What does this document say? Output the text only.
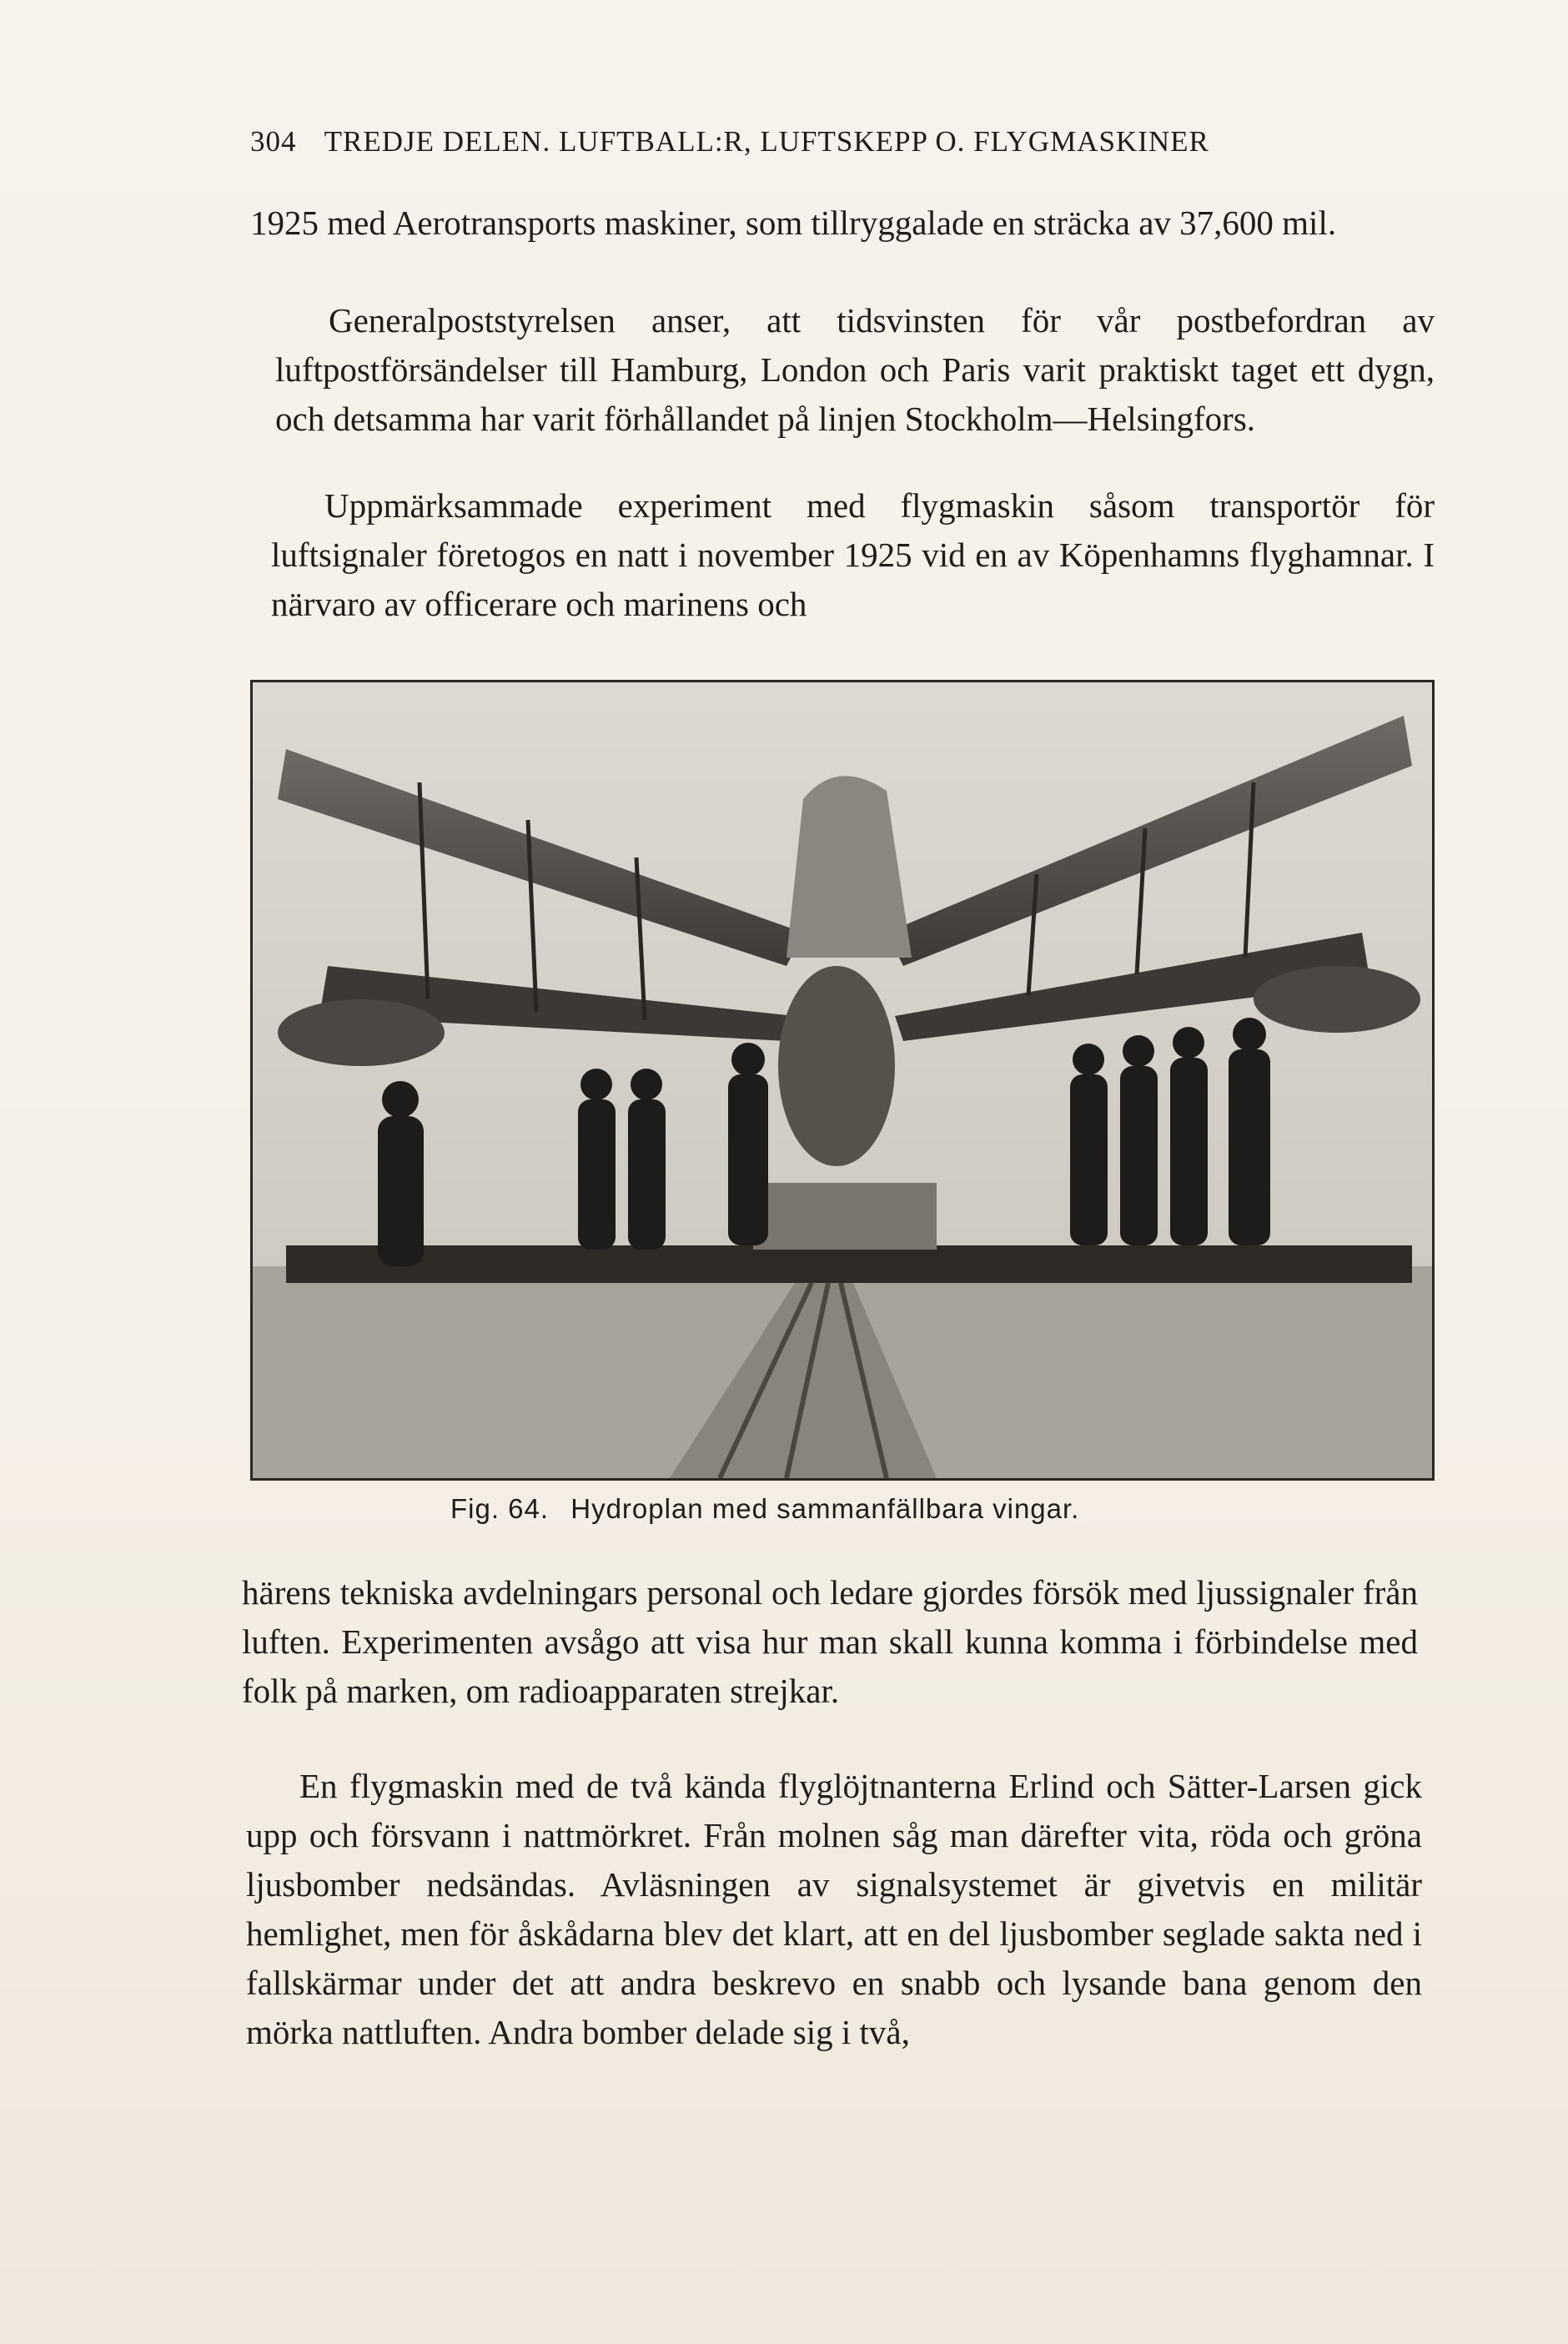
304 TREDJE DELEN. LUFTBALL:R, LUFTSKEPP O. FLYGMASKINER

1925 med Aerotransports maskiner, som tillryggalade en sträcka av 37,600 mil.

Generalpoststyrelsen anser, att tidsvinsten för vår postbefordran av luftpostförsändelser till Hamburg, London och Paris varit praktiskt taget ett dygn, och detsamma har varit förhållandet på linjen Stockholm—Helsingfors.

Uppmärksammade experiment med flygmaskin såsom transportör för luftsignaler företogos en natt i november 1925 vid en av Köpenhamns flyghamnar. I närvaro av officerare och marinens och

Fig. 64. Hydroplan med sammanfällbara vingar.

härens tekniska avdelningars personal och ledare gjordes försök med ljussignaler från luften. Experimenten avsågo att visa hur man skall kunna komma i förbindelse med folk på marken, om radioapparaten strejkar.

En flygmaskin med de två kända flyglöjtnanterna Erlind och Sätter-Larsen gick upp och försvann i nattmörkret. Från molnen såg man därefter vita, röda och gröna ljusbomber nedsändas. Avläsningen av signalsystemet är givetvis en militär hemlighet, men för åskådarna blev det klart, att en del ljusbomber seglade sakta ned i fallskärmar under det att andra beskrevo en snabb och lysande bana genom den mörka nattluften. Andra bomber delade sig i två,
